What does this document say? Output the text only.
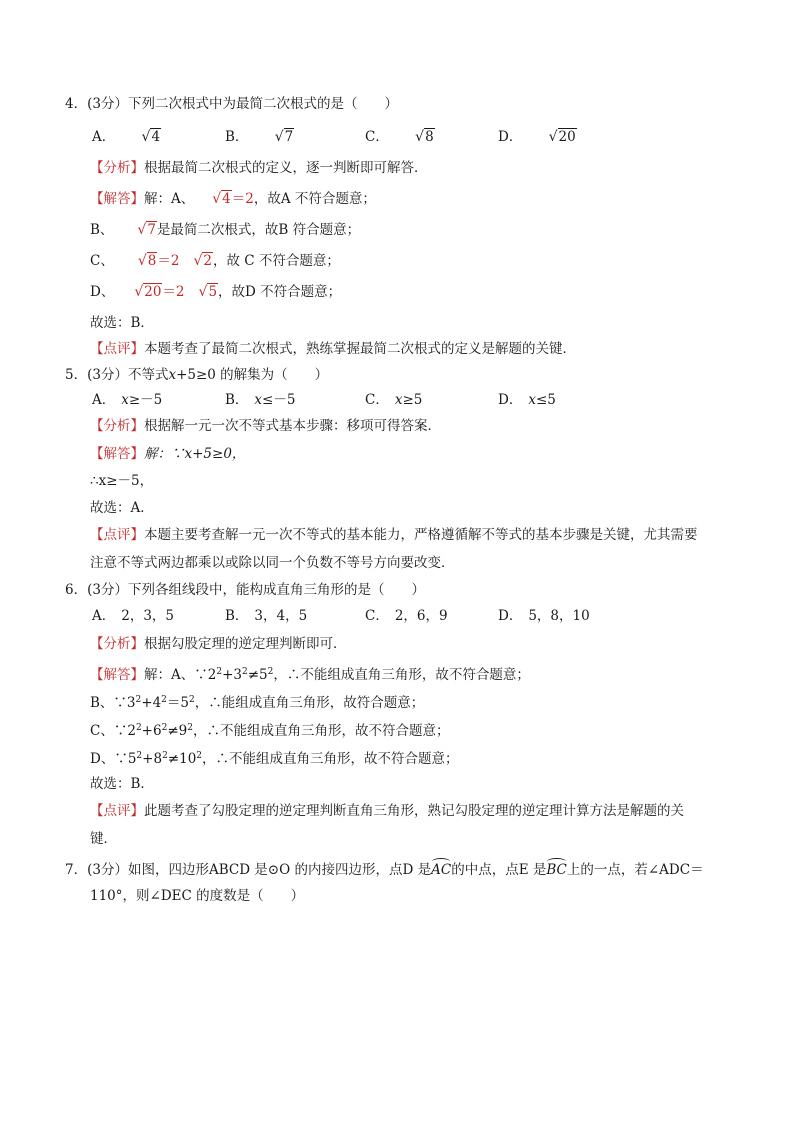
4．(3分）下列二次根式中为最简二次根式的是（　　）
A． √4	B． √7	C． √8	D． √20
【分析】根据最简二次根式的定义，逐一判断即可解答．
【解答】解：A、 √4＝2，故A 不符合题意；
B、 √7是最简二次根式，故B 符合题意；
C、 √8＝2 √2，故 C 不符合题意；
D、 √20＝2 √5，故D 不符合题意；
故选：B．
【点评】本题考查了最简二次根式，熟练掌握最简二次根式的定义是解题的关键．
5．(3分）不等式x+5≥0 的解集为（　　）
A． x≥－5	B． x≤－5	C． x≥5	D． x≤5
【分析】根据解一元一次不等式基本步骤：移项可得答案．
【解答】解：∵x+5≥0，
∴x≥－5，
故选：A．
【点评】本题主要考查解一元一次不等式的基本能力，严格遵循解不等式的基本步骤是关键，尤其需要
注意不等式两边都乘以或除以同一个负数不等号方向要改变．
6．(3分）下列各组线段中，能构成直角三角形的是（　　）
A． 2，3，5	B． 3，4，5	C． 2，6，9	D． 5，8，10
【分析】根据勾股定理的逆定理判断即可．
【解答】解：A、$\because 2^2+3^2\ne 5^2$，∴不能组成直角三角形，故不符合题意；
B、$\because 3^2+4^2=5^2$，∴能组成直角三角形，故符合题意；
C、$\because 2^2+6^2\ne 9^2$，∴不能组成直角三角形，故不符合题意；
D、$\because 5^2+8^2\ne 10^2$，∴不能组成直角三角形，故不符合题意；
故选：B．
【点评】此题考查了勾股定理的逆定理判断直角三角形，熟记勾股定理的逆定理计算方法是解题的关
键．
7．(3分）如图，四边形ABCD 是⊙O 的内接四边形，点D 是AC的中点，点E 是BC上的一点，若∠ADC＝
110°，则∠DEC 的度数是（　　）
